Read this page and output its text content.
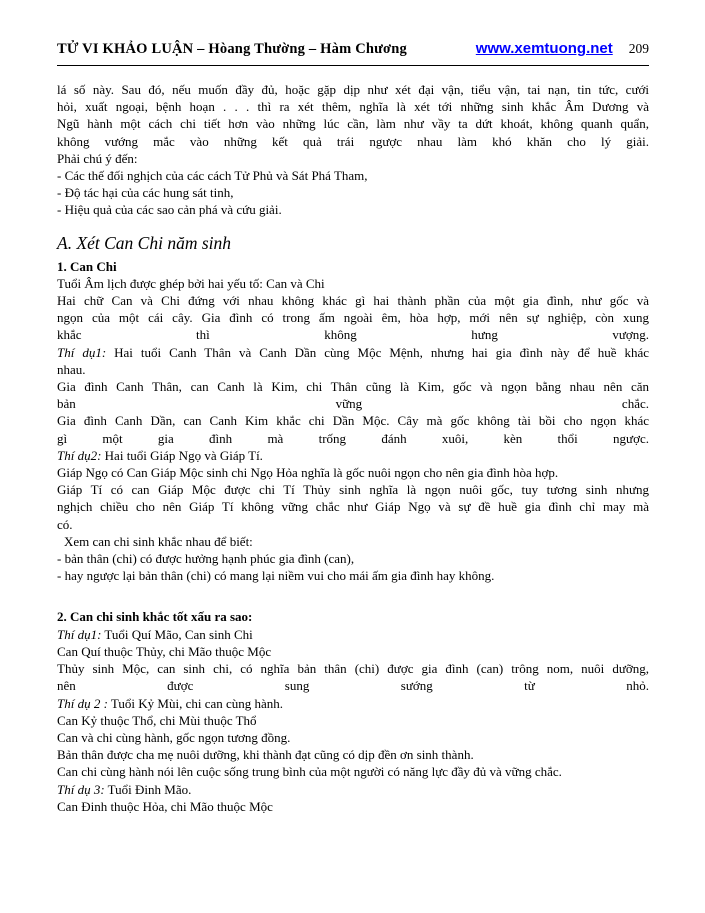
TỬ VI KHẢO LUẬN – Hòang Thường – Hàm Chương	www.xemtuong.net 209
lá số này. Sau đó, nếu muốn đầy đủ, hoặc gặp dịp như xét đại vận, tiểu vận, tai nạn, tin tức, cưới
hỏi, xuất ngoại, bệnh hoạn . . . thì ra xét thêm, nghĩa là xét tới những sinh khắc Âm Dương và
Ngũ hành một cách chi tiết hơn vào những lúc cần, làm như vầy ta dứt khoát, không quanh quẩn,
không vướng mắc vào những kết quả trái ngược nhau làm khó khăn cho lý giải.
Phải chú ý đến:
- Các thế đối nghịch của các cách Tử Phủ và Sát Phá Tham,
- Độ tác hại của các hung sát tinh,
- Hiệu quả của các sao cản phá và cứu giải.
A. Xét Can Chi năm sinh
1. Can Chi
Tuổi Âm lịch được ghép bởi hai yếu tố: Can và Chi
Hai chữ Can và Chi đứng với nhau không khác gì hai thành phần của một gia đình, như gốc và
ngọn của một cái cây. Gia đình có trong ấm ngoài êm, hòa hợp, mới nên sự nghiệp, còn xung
khắc thì không hưng vượng.
Thí dụ1: Hai tuổi Canh Thân và Canh Dần cùng Mộc Mệnh, nhưng hai gia đình này để huề khác
nhau.
Gia đình Canh Thân, can Canh là Kim, chi Thân cũng là Kim, gốc và ngọn bằng nhau nên căn
bản vững chắc.
Gia đình Canh Dần, can Canh Kim khắc chi Dần Mộc. Cây mà gốc không tài bồi cho ngọn khác
gì một gia đình mà trống đánh xuôi, kèn thổi ngược.
Thí dụ2: Hai tuổi Giáp Ngọ và Giáp Tí.
Giáp Ngọ có Can Giáp Mộc sinh chi Ngọ Hỏa nghĩa là gốc nuôi ngọn cho nên gia đình hòa hợp.
Giáp Tí có can Giáp Mộc được chi Tí Thủy sinh nghĩa là ngọn nuôi gốc, tuy tương sinh nhưng
nghịch chiều cho nên Giáp Tí không vững chắc như Giáp Ngọ và sự đề huề gia đình chỉ may mà
có.
Xem can chi sinh khắc nhau để biết:
- bản thân (chi) có được hưởng hạnh phúc gia đình (can),
- hay ngược lại bản thân (chi) có mang lại niềm vui cho mái ấm gia đình hay không.
2. Can chi sinh khắc tốt xấu ra sao:
Thí dụ1: Tuổi Quí Mão, Can sinh Chi
Can Quí thuộc Thủy, chi Mão thuộc Mộc
Thủy sinh Mộc, can sinh chi, có nghĩa bản thân (chi) được gia đình (can) trông nom, nuôi dưỡng,
nên được sung sướng từ nhỏ.
Thí dụ 2 : Tuổi Kỷ Mùi, chi can cùng hành.
Can Kỷ thuộc Thổ, chi Mùi thuộc Thổ
Can và chi cùng hành, gốc ngọn tương đồng.
Bản thân được cha mẹ nuôi dưỡng, khi thành đạt cũng có dịp đền ơn sinh thành.
Can chi cùng hành nói lên cuộc sống trung bình của một người có năng lực đầy đủ và vững chắc.
Thí dụ 3: Tuổi Đinh Mão.
Can Đinh thuộc Hỏa, chi Mão thuộc Mộc
